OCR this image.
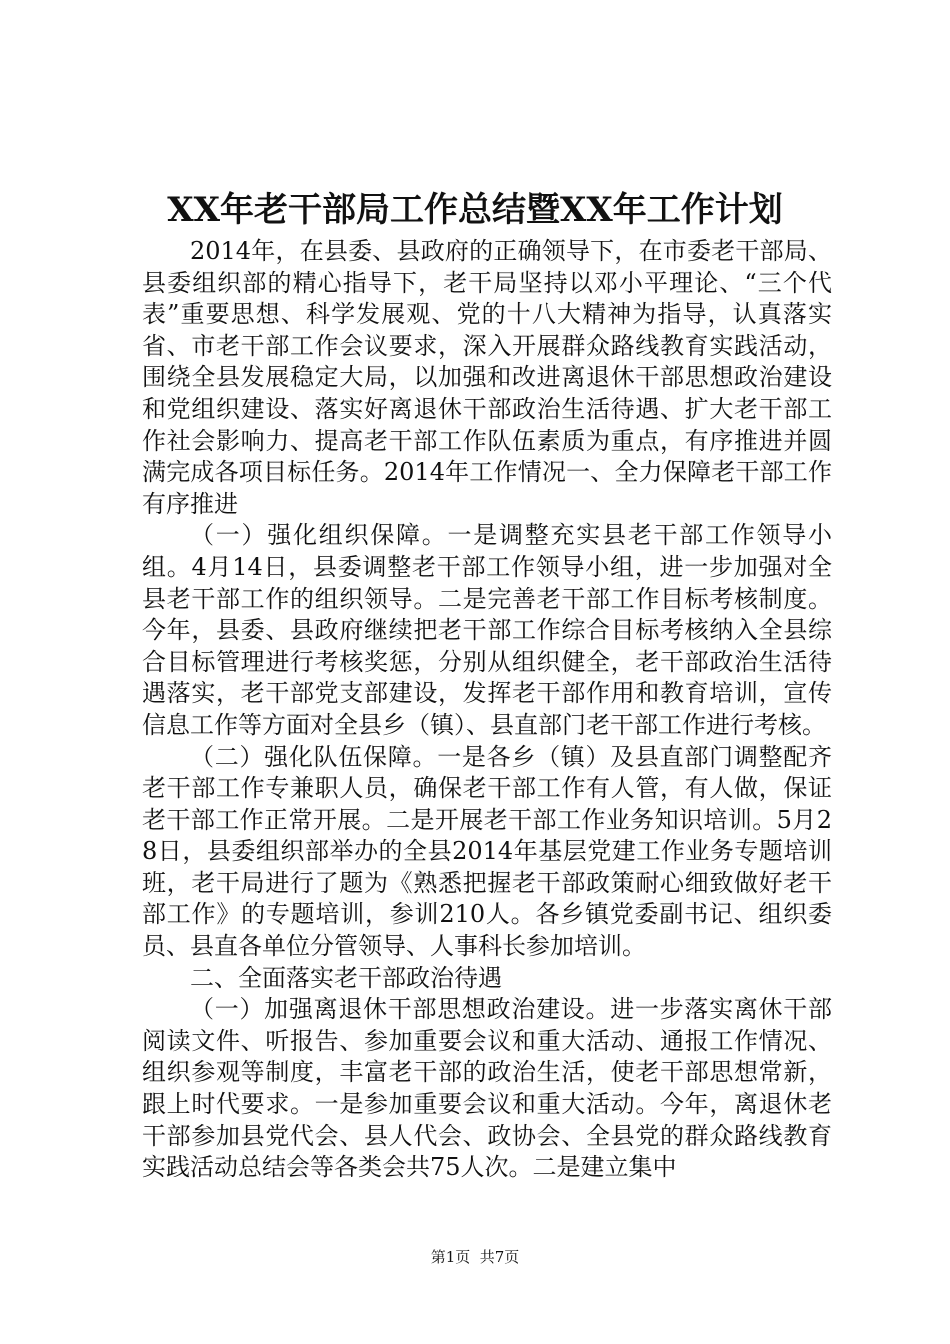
XX年老干部局工作总结暨XX年工作计划

2014年，在县委、县政府的正确领导下，在市委老干部局、县委组织部的精心指导下，老干局坚持以邓小平理论、“三个代表”重要思想、科学发展观、党的十八大精神为指导，认真落实省、市老干部工作会议要求，深入开展群众路线教育实践活动，围绕全县发展稳定大局，以加强和改进离退休干部思想政治建设和党组织建设、落实好离退休干部政治生活待遇、扩大老干部工作社会影响力、提高老干部工作队伍素质为重点，有序推进并圆满完成各项目标任务。2014年工作情况一、全力保障老干部工作有序推进

（一）强化组织保障。一是调整充实县老干部工作领导小组。4月14日，县委调整老干部工作领导小组，进一步加强对全县老干部工作的组织领导。二是完善老干部工作目标考核制度。今年，县委、县政府继续把老干部工作综合目标考核纳入全县综合目标管理进行考核奖惩，分别从组织健全，老干部政治生活待遇落实，老干部党支部建设，发挥老干部作用和教育培训，宣传信息工作等方面对全县乡（镇）、县直部门老干部工作进行考核。

（二）强化队伍保障。一是各乡（镇）及县直部门调整配齐老干部工作专兼职人员，确保老干部工作有人管，有人做，保证老干部工作正常开展。二是开展老干部工作业务知识培训。5月28日，县委组织部举办的全县2014年基层党建工作业务专题培训班，老干局进行了题为《熟悉把握老干部政策耐心细致做好老干部工作》的专题培训，参训210人。各乡镇党委副书记、组织委员、县直各单位分管领导、人事科长参加培训。

二、全面落实老干部政治待遇

（一）加强离退休干部思想政治建设。进一步落实离休干部阅读文件、听报告、参加重要会议和重大活动、通报工作情况、组织参观等制度，丰富老干部的政治生活，使老干部思想常新，跟上时代要求。一是参加重要会议和重大活动。今年，离退休老干部参加县党代会、县人代会、政协会、全县党的群众路线教育实践活动总结会等各类会共75人次。二是建立集中

第1页  共7页
